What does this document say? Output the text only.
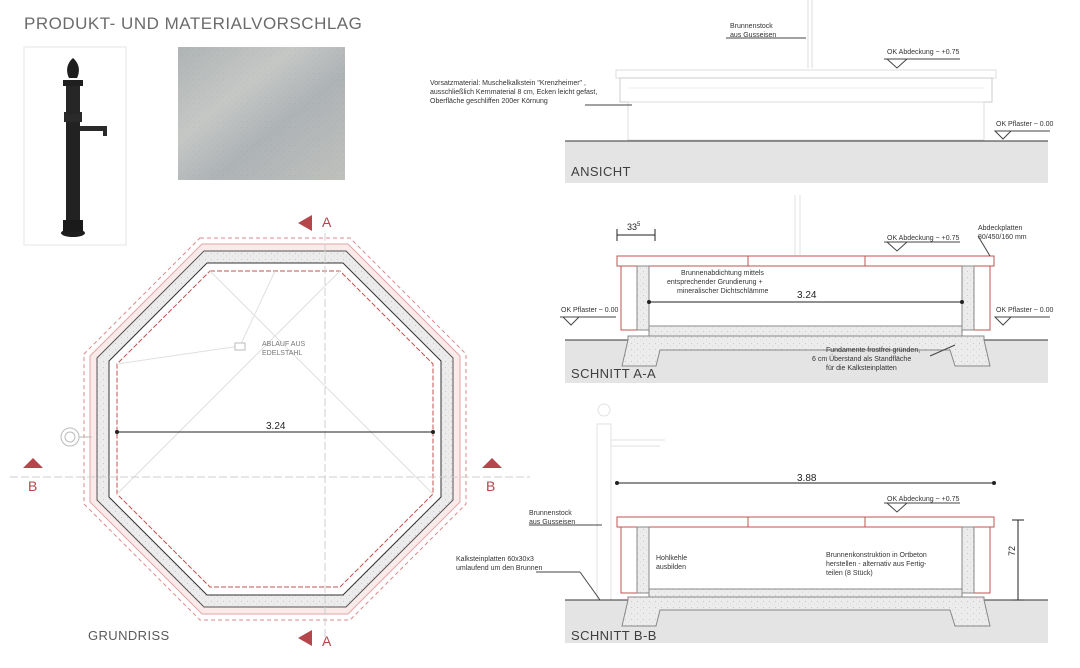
PRODUKT- UND MATERIALVORSCHLAG
GRUNDRISS
3.24
ABLAUF AUS
EDELSTAHL
A
A
B	B
Kalksteinplatten 60x30x3
umlaufend um den Brunnen
Brunnenstock
aus Gusseisen
OK Abdeckung ~ +0.75
OK Pflaster ~ 0.00
Vorsatzmaterial: Muschelkalkstein "Krenzheimer" ,
ausschließlich Kernmaterial 8 cm, Ecken leicht gefast,
Oberfläche geschliffen 200er Körnung
ANSICHT
$33^5$
3.24
Abdeckplatten
80/450/160 mm
OK Abdeckung ~ +0.75
OK Pflaster ~ 0.00	OK Pflaster ~ 0.00
Brunnenabdichtung mittels
entsprechender Grundierung +
mineralischer Dichtschlämme
Fundamente frostfrei gründen,
6 cm Überstand als Standfläche
für die Kalksteinplatten
SCHNITT A-A
3.88
72
OK Abdeckung ~ +0.75
Brunnenstock
aus Gusseisen
Hohlkehle
ausbilden
Brunnenkonstruktion in Ortbeton
herstellen - alternativ aus Fertig-
teilen (8 Stück)
SCHNITT B-B
